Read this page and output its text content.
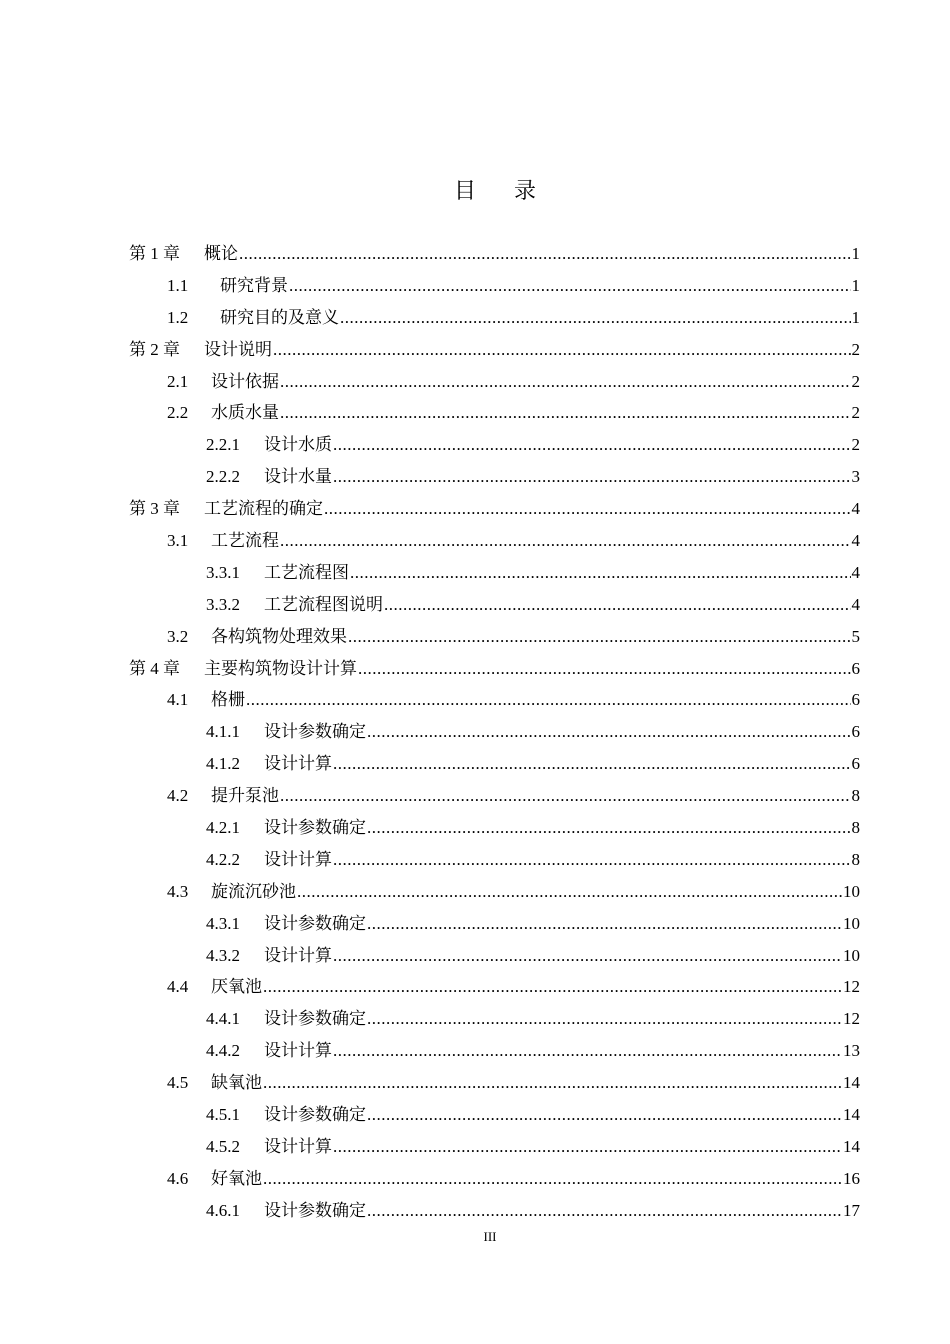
目 录
第 1 章	概论 .....	1
1.1	研究背景 .....	1
1.2	研究目的及意义 .....	1
第 2 章	设计说明 .....	2
2.1	设计依据 .....	2
2.2	水质水量 .....	2
2.2.1	设计水质 .....	2
2.2.2	设计水量 .....	3
第 3 章	工艺流程的确定 .....	4
3.1	工艺流程 .....	4
3.3.1	工艺流程图 .....	4
3.3.2	工艺流程图说明 .....	4
3.2	各构筑物处理效果 .....	5
第 4 章	主要构筑物设计计算 .....	6
4.1	格栅 .....	6
4.1.1	设计参数确定 .....	6
4.1.2	设计计算 .....	6
4.2	提升泵池 .....	8
4.2.1	设计参数确定 .....	8
4.2.2	设计计算 .....	8
4.3	旋流沉砂池 .....	10
4.3.1	设计参数确定 .....	10
4.3.2	设计计算 .....	10
4.4	厌氧池 .....	12
4.4.1	设计参数确定 .....	12
4.4.2	设计计算 .....	13
4.5	缺氧池 .....	14
4.5.1	设计参数确定 .....	14
4.5.2	设计计算 .....	14
4.6	好氧池 .....	16
4.6.1	设计参数确定 .....	17
III
